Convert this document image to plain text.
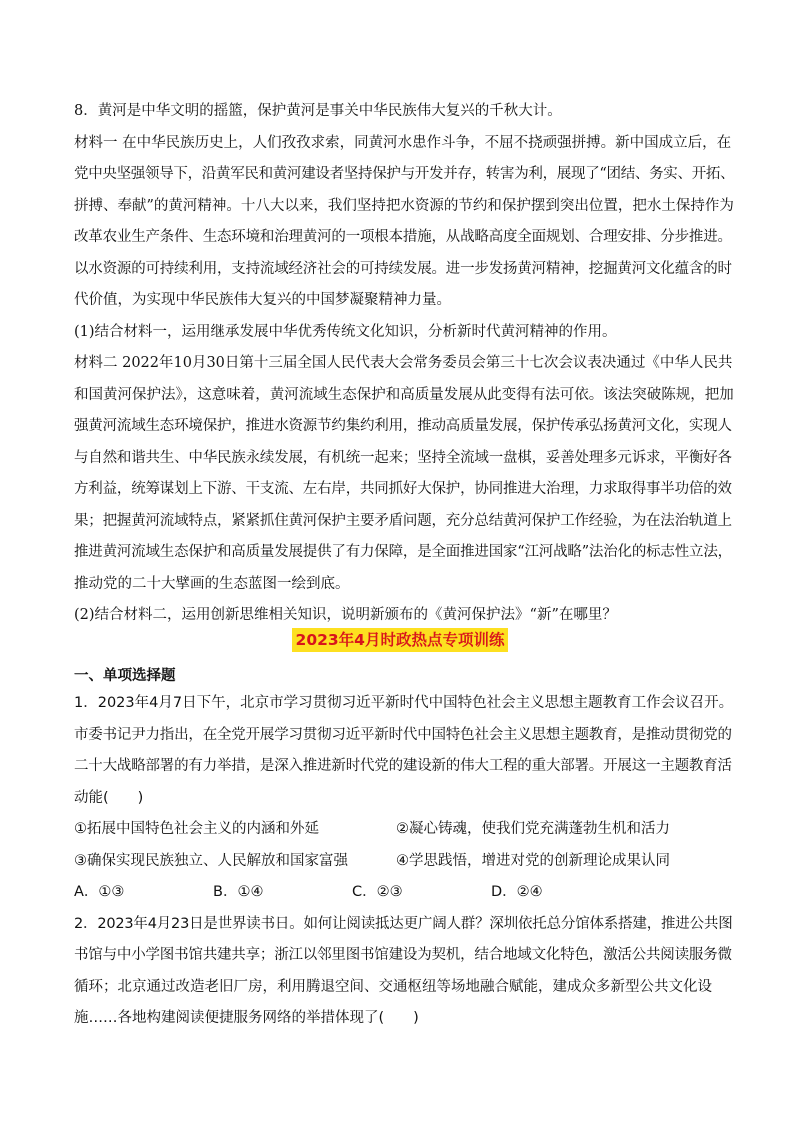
8．黄河是中华文明的摇篮，保护黄河是事关中华民族伟大复兴的千秋大计。

材料一 在中华民族历史上，人们孜孜求索，同黄河水患作斗争，不屈不挠顽强拼搏。新中国成立后，在

党中央坚强领导下，沿黄军民和黄河建设者坚持保护与开发并存，转害为利，展现了“团结、务实、开拓、

拼搏、奉献”的黄河精神。十八大以来，我们坚持把水资源的节约和保护摆到突出位置，把水土保持作为

改革农业生产条件、生态环境和治理黄河的一项根本措施，从战略高度全面规划、合理安排、分步推进。

以水资源的可持续利用，支持流域经济社会的可持续发展。进一步发扬黄河精神，挖掘黄河文化蕴含的时

代价值，为实现中华民族伟大复兴的中国梦凝聚精神力量。

(1)结合材料一，运用继承发展中华优秀传统文化知识，分析新时代黄河精神的作用。

材料二 2022年10月30日第十三届全国人民代表大会常务委员会第三十七次会议表决通过《中华人民共

和国黄河保护法》，这意味着，黄河流域生态保护和高质量发展从此变得有法可依。该法突破陈规，把加

强黄河流域生态环境保护，推进水资源节约集约利用，推动高质量发展，保护传承弘扬黄河文化，实现人

与自然和谐共生、中华民族永续发展，有机统一起来；坚持全流域一盘棋，妥善处理多元诉求，平衡好各

方利益，统筹谋划上下游、干支流、左右岸，共同抓好大保护，协同推进大治理，力求取得事半功倍的效

果；把握黄河流域特点，紧紧抓住黄河保护主要矛盾问题，充分总结黄河保护工作经验，为在法治轨道上

推进黄河流域生态保护和高质量发展提供了有力保障，是全面推进国家“江河战略”法治化的标志性立法，

推动党的二十大擘画的生态蓝图一绘到底。

(2)结合材料二，运用创新思维相关知识，说明新颁布的《黄河保护法》“新”在哪里？

2023年4月时政热点专项训练

一、单项选择题

1．2023年4月7日下午，北京市学习贯彻习近平新时代中国特色社会主义思想主题教育工作会议召开。

市委书记尹力指出，在全党开展学习贯彻习近平新时代中国特色社会主义思想主题教育，是推动贯彻党的

二十大战略部署的有力举措，是深入推进新时代党的建设新的伟大工程的重大部署。开展这一主题教育活

动能(　　)

①拓展中国特色社会主义的内涵和外延	②凝心铸魂，使我们党充满蓬勃生机和活力
③确保实现民族独立、人民解放和国家富强	④学思践悟，增进对党的创新理论成果认同
A．①③	B．①④	C．②③	D．②④

2．2023年4月23日是世界读书日。如何让阅读抵达更广阔人群？深圳依托总分馆体系搭建，推进公共图

书馆与中小学图书馆共建共享；浙江以邻里图书馆建设为契机，结合地域文化特色，激活公共阅读服务微

循环；北京通过改造老旧厂房，利用腾退空间、交通枢纽等场地融合赋能，建成众多新型公共文化设

施……各地构建阅读便捷服务网络的举措体现了(　　)
